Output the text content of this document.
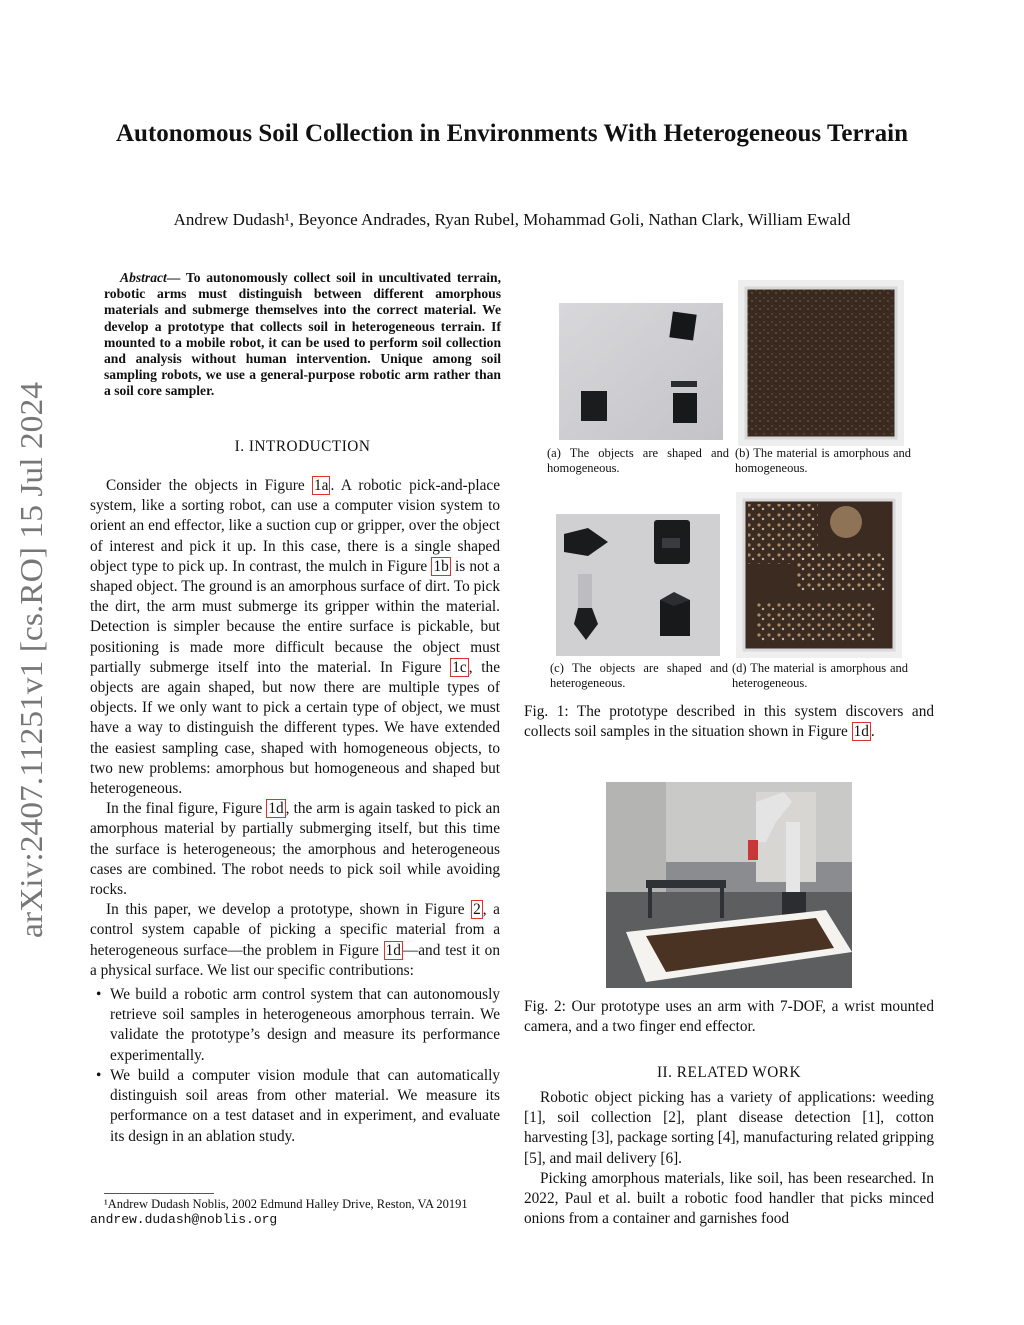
arXiv:2407.11251v1 [cs.RO] 15 Jul 2024
Autonomous Soil Collection in Environments With Heterogeneous Terrain
Andrew Dudash¹, Beyonce Andrades, Ryan Rubel, Mohammad Goli, Nathan Clark, William Ewald
Abstract— To autonomously collect soil in uncultivated terrain, robotic arms must distinguish between different amorphous materials and submerge themselves into the correct material. We develop a prototype that collects soil in heterogeneous terrain. If mounted to a mobile robot, it can be used to perform soil collection and analysis without human intervention. Unique among soil sampling robots, we use a general-purpose robotic arm rather than a soil core sampler.
I. INTRODUCTION

Consider the objects in Figure 1a . A robotic pick-and-place system, like a sorting robot, can use a computer vision system to orient an end effector, like a suction cup or gripper, over the object of interest and pick it up. In this case, there is a single shaped object type to pick up. In contrast, the mulch in Figure 1b is not a shaped object. The ground is an amorphous surface of dirt. To pick the dirt, the arm must submerge its gripper within the material. Detection is simpler because the entire surface is pickable, but positioning is made more difficult because the object must partially submerge itself into the material. In Figure 1c , the objects are again shaped, but now there are multiple types of objects. If we only want to pick a certain type of object, we must have a way to distinguish the different types. We have extended the easiest sampling case, shaped with homogeneous objects, to two new problems: amorphous but homogeneous and shaped but heterogeneous.

In the final figure, Figure 1d , the arm is again tasked to pick an amorphous material by partially submerging itself, but this time the surface is heterogeneous; the amorphous and heterogeneous cases are combined. The robot needs to pick soil while avoiding rocks.

In this paper, we develop a prototype, shown in Figure 2 , a control system capable of picking a specific material from a heterogeneous surface—the problem in Figure 1d —and test it on a physical surface. We list our specific contributions:

• We build a robotic arm control system that can autonomously retrieve soil samples in heterogeneous amorphous terrain. We validate the prototype’s design and measure its performance experimentally.
• We build a computer vision module that can automatically distinguish soil areas from other material. We measure its performance on a test dataset and in experiment, and evaluate its design in an ablation study.
¹Andrew Dudash Noblis, 2002 Edmund Halley Drive, Reston, VA 20191
andrew.dudash@noblis.org
(a) The objects are shaped and homogeneous.
(b) The material is amorphous and homogeneous.
(c) The objects are shaped and heterogeneous.
(d) The material is amorphous and heterogeneous.
Fig. 1: The prototype described in this system discovers and collects soil samples in the situation shown in Figure 1d .
Fig. 2: Our prototype uses an arm with 7-DOF, a wrist mounted camera, and a two finger end effector.
II. RELATED WORK

Robotic object picking has a variety of applications: weeding [1], soil collection [2], plant disease detection [1], cotton harvesting [3], package sorting [4], manufacturing related gripping [5], and mail delivery [6].

Picking amorphous materials, like soil, has been researched. In 2022, Paul et al. built a robotic food handler that picks minced onions from a container and garnishes food
